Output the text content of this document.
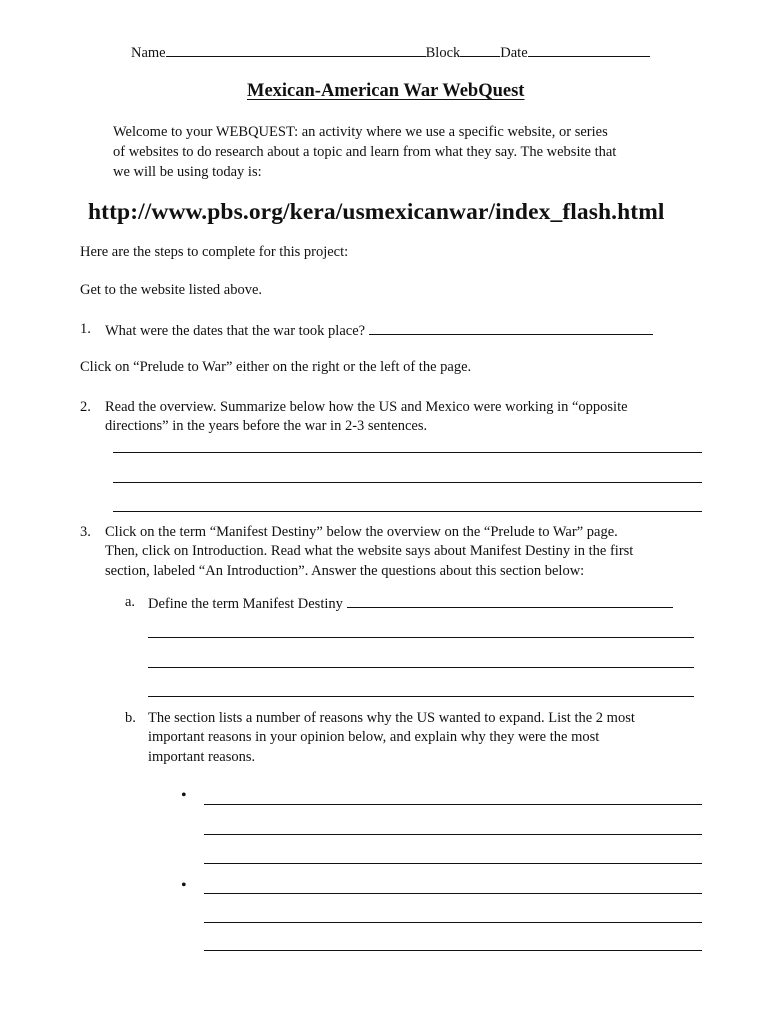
Name	Block	Date
Mexican-American War WebQuest
Welcome to your WEBQUEST: an activity where we use a specific website, or series
of websites to do research about a topic and learn from what they say. The website that
we will be using today is:
http://www.pbs.org/kera/usmexicanwar/index_flash.html
Here are the steps to complete for this project:
Get to the website listed above.
1. What were the dates that the war took place?
Click on “Prelude to War” either on the right or the left of the page.
2. Read the overview. Summarize below how the US and Mexico were working in “opposite
directions” in the years before the war in 2-3 sentences.
3. Click on the term “Manifest Destiny” below the overview on the “Prelude to War” page.
Then, click on Introduction. Read what the website says about Manifest Destiny in the first
section, labeled “An Introduction”. Answer the questions about this section below:
a. Define the term Manifest Destiny
b. The section lists a number of reasons why the US wanted to expand. List the 2 most
important reasons in your opinion below, and explain why they were the most
important reasons.
•
•
